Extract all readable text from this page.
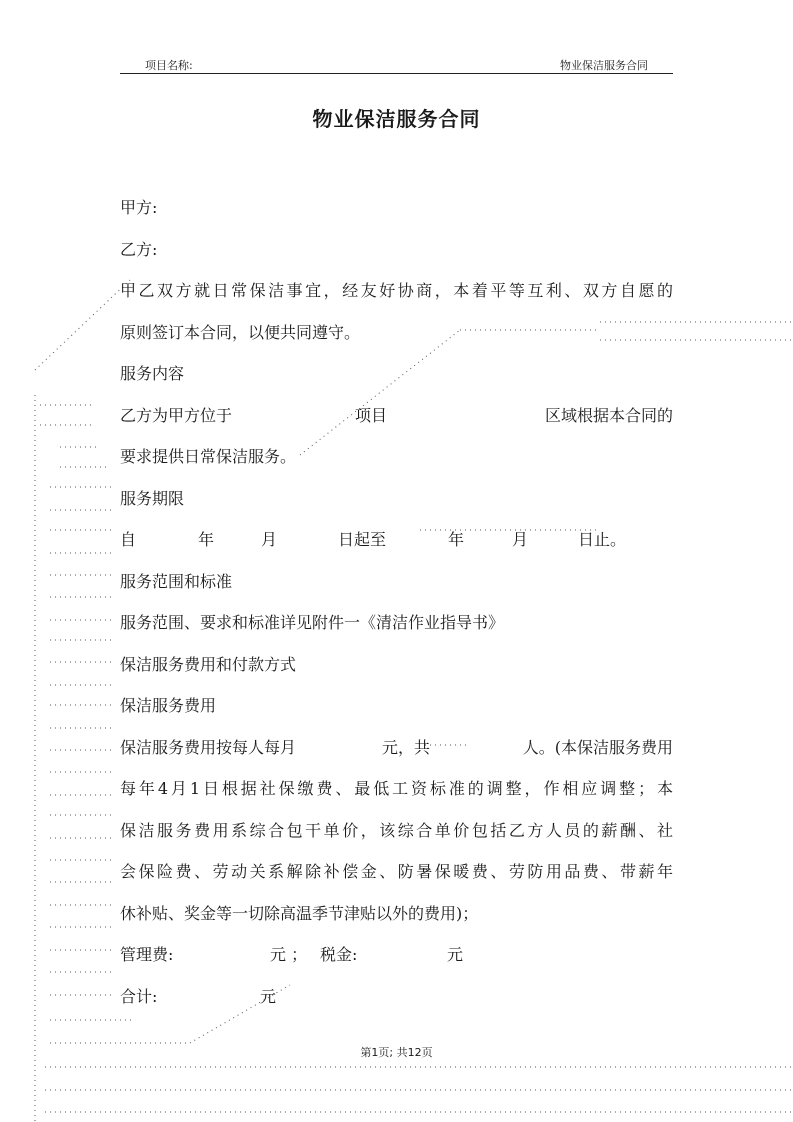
项目名称:	物业保洁服务合同
物业保洁服务合同
甲方:
乙方:
甲乙双方就日常保洁事宜，经友好协商，本着平等互利、双方自愿的
原则签订本合同，以便共同遵守。
服务内容
乙方为甲方位于	项目	区域根据本合同的
要求提供日常保洁服务。
服务期限
自	年	月	日起至	年	月	日止。
服务范围和标准
服务范围、要求和标准详见附件一《清洁作业指导书》
保洁服务费用和付款方式
保洁服务费用
保洁服务费用按每人每月	元，共	人。(本保洁服务费用
每年4月1日根据社保缴费、最低工资标准的调整，作相应调整；本
保洁服务费用系综合包干单价，该综合单价包括乙方人员的薪酬、社
会保险费、劳动关系解除补偿金、防暑保暖费、劳防用品费、带薪年
休补贴、奖金等一切除高温季节津贴以外的费用)；
管理费:	元 ； 税金:	元
合计:	元
第1页; 共12页
